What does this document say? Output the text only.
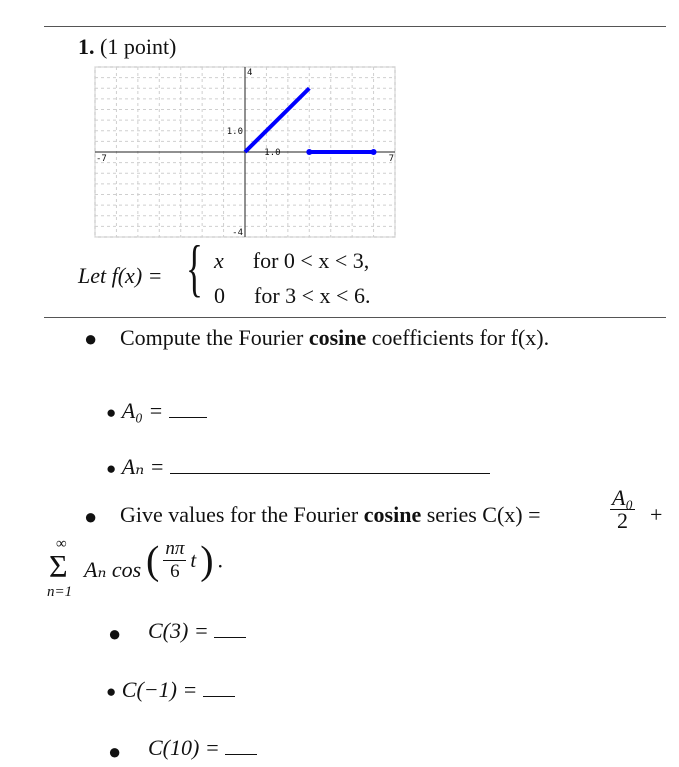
1. (1 point)
-7	7
4
-4
1.0
1.0
Let f(x) = { x for 0 < x < 3,
0 for 3 < x < 6.
● Compute the Fourier cosine coefficients for f(x).
● A₀ =
● Aₙ =
● Give values for the Fourier cosine series C(x) =	$\frac{\text{A₀}}{2}$ +
∞
Σ
n=1
Aₙ cos ( $\frac{n\pi}{6}$ t ) .
● C(3) =
● C(−1) =
● C(10) =
